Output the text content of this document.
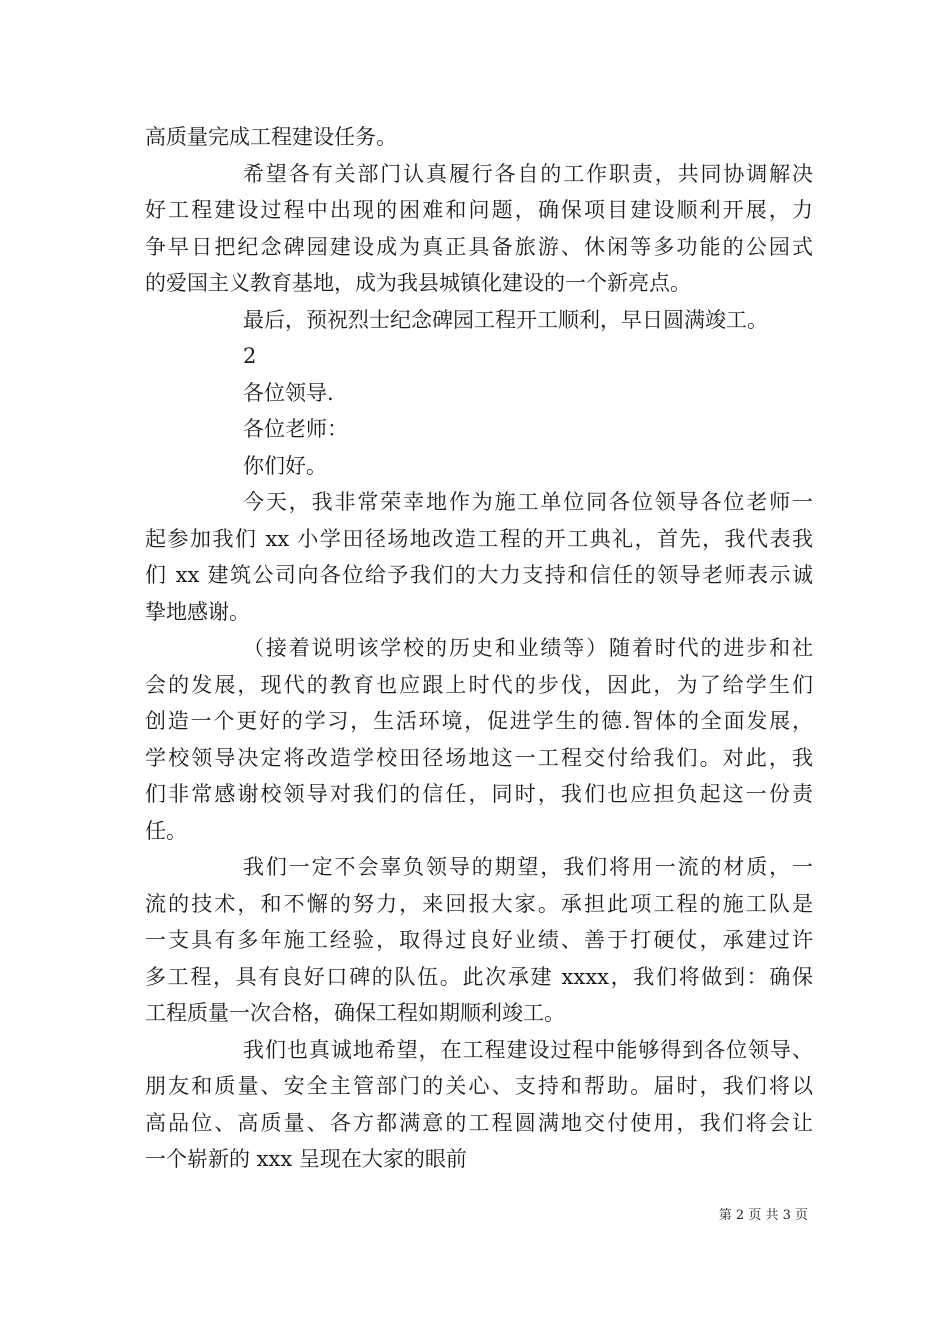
高质量完成工程建设任务。
希望各有关部门认真履行各自的工作职责，共同协调解决
好工程建设过程中出现的困难和问题，确保项目建设顺利开展，力
争早日把纪念碑园建设成为真正具备旅游、休闲等多功能的公园式
的爱国主义教育基地，成为我县城镇化建设的一个新亮点。
最后，预祝烈士纪念碑园工程开工顺利，早日圆满竣工。
2
各位领导.
各位老师：
你们好。
今天，我非常荣幸地作为施工单位同各位领导各位老师一
起参加我们 xx 小学田径场地改造工程的开工典礼，首先，我代表我
们 xx 建筑公司向各位给予我们的大力支持和信任的领导老师表示诚
挚地感谢。
（接着说明该学校的历史和业绩等）随着时代的进步和社
会的发展，现代的教育也应跟上时代的步伐，因此，为了给学生们
创造一个更好的学习，生活环境，促进学生的德.智体的全面发展，
学校领导决定将改造学校田径场地这一工程交付给我们。对此，我
们非常感谢校领导对我们的信任，同时，我们也应担负起这一份责
任。
我们一定不会辜负领导的期望，我们将用一流的材质，一
流的技术，和不懈的努力，来回报大家。承担此项工程的施工队是
一支具有多年施工经验，取得过良好业绩、善于打硬仗，承建过许
多工程，具有良好口碑的队伍。此次承建 xxxx，我们将做到：确保
工程质量一次合格，确保工程如期顺利竣工。
我们也真诚地希望，在工程建设过程中能够得到各位领导、
朋友和质量、安全主管部门的关心、支持和帮助。届时，我们将以
高品位、高质量、各方都满意的工程圆满地交付使用，我们将会让
一个崭新的 xxx 呈现在大家的眼前
第 2 页 共 3 页
